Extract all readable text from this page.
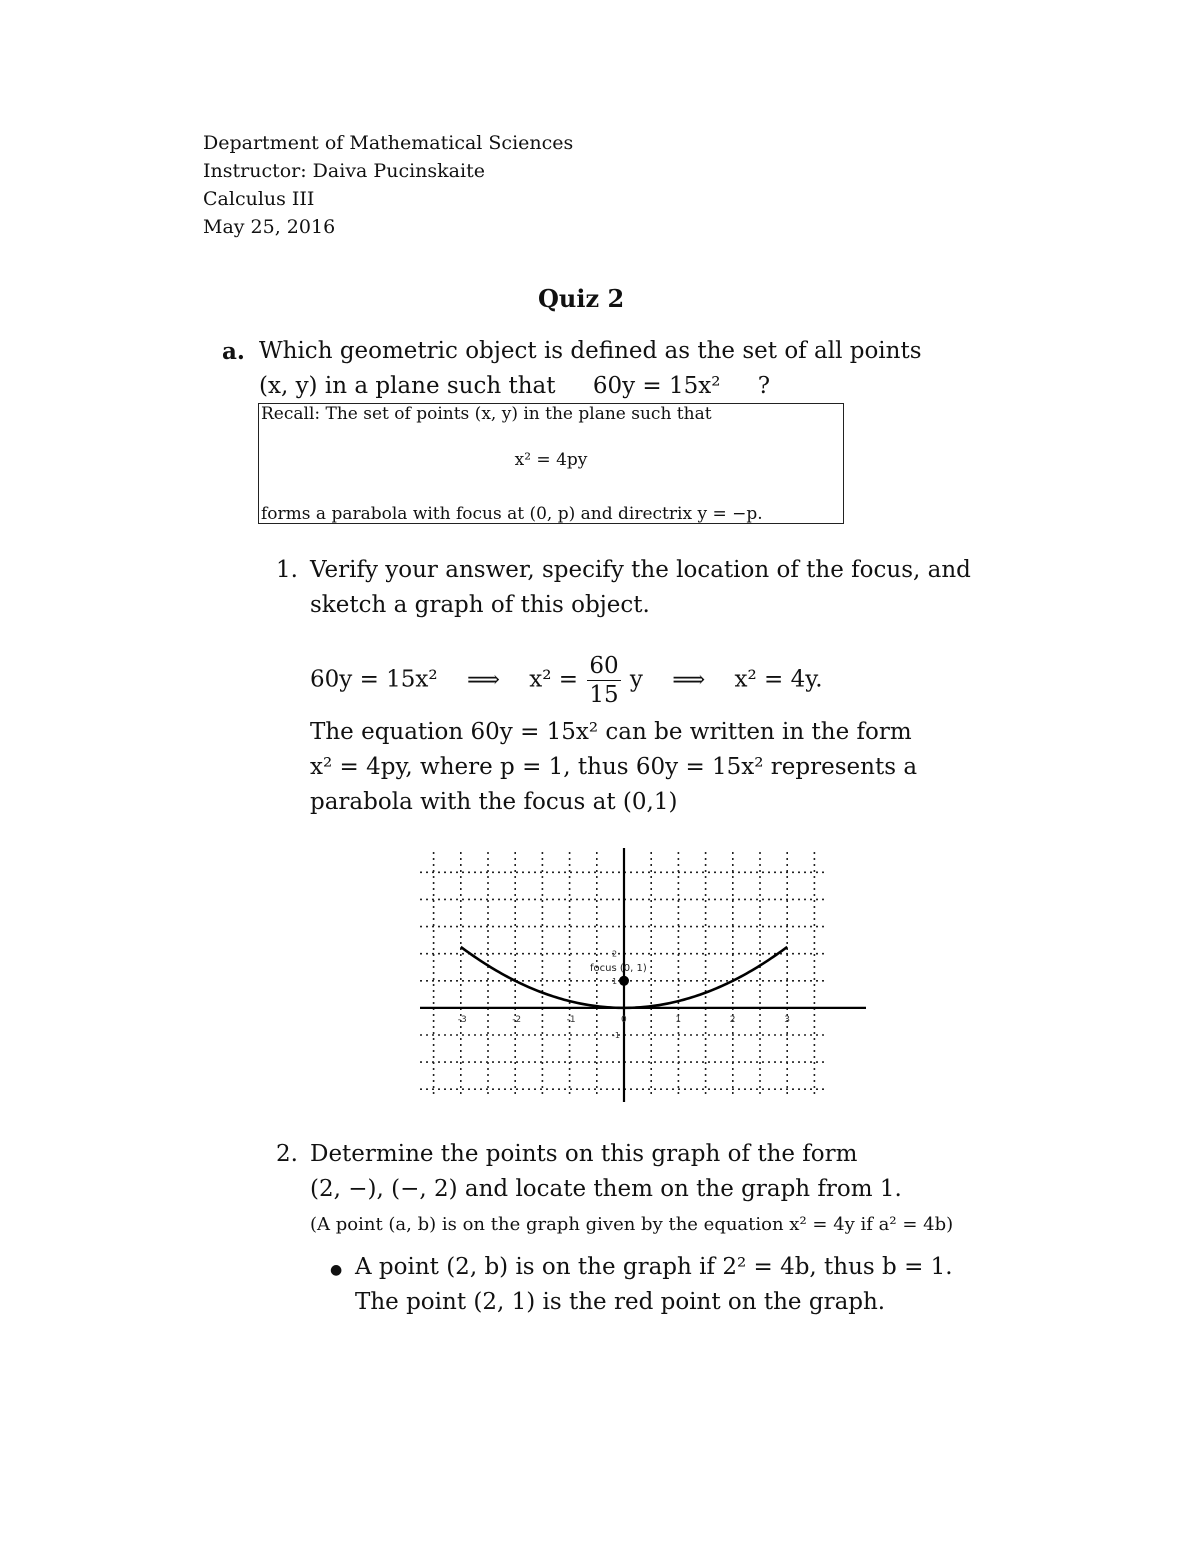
Department of Mathematical Sciences
Instructor: Daiva Pucinskaite
Calculus III
May 25, 2016
Quiz 2
a. Which geometric object is defined as the set of all points
(x, y) in a plane such that 60y = 15x² ?
Recall: The set of points (x, y) in the plane such that
x² = 4py
forms a parabola with focus at (0, p) and directrix y = −p.
1. Verify your answer, specify the location of the focus, and
sketch a graph of this object.
60y = 15x² ⟹ $x^2 = \frac{60}{15}$ y ⟹ x² = 4y.
The equation 60y = 15x² can be written in the form
x² = 4py, where p = 1, thus 60y = 15x² represents a
parabola with the focus at (0,1)
-3	-2	-1	0	1	2	3
2
1
-1
focus (0, 1)
2. Determine the points on this graph of the form
(2, −), (−, 2) and locate them on the graph from 1.
(A point (a, b) is on the graph given by the equation x² = 4y if a² = 4b)
● A point (2, b) is on the graph if 2² = 4b, thus b = 1.
The point (2, 1) is the red point on the graph.
